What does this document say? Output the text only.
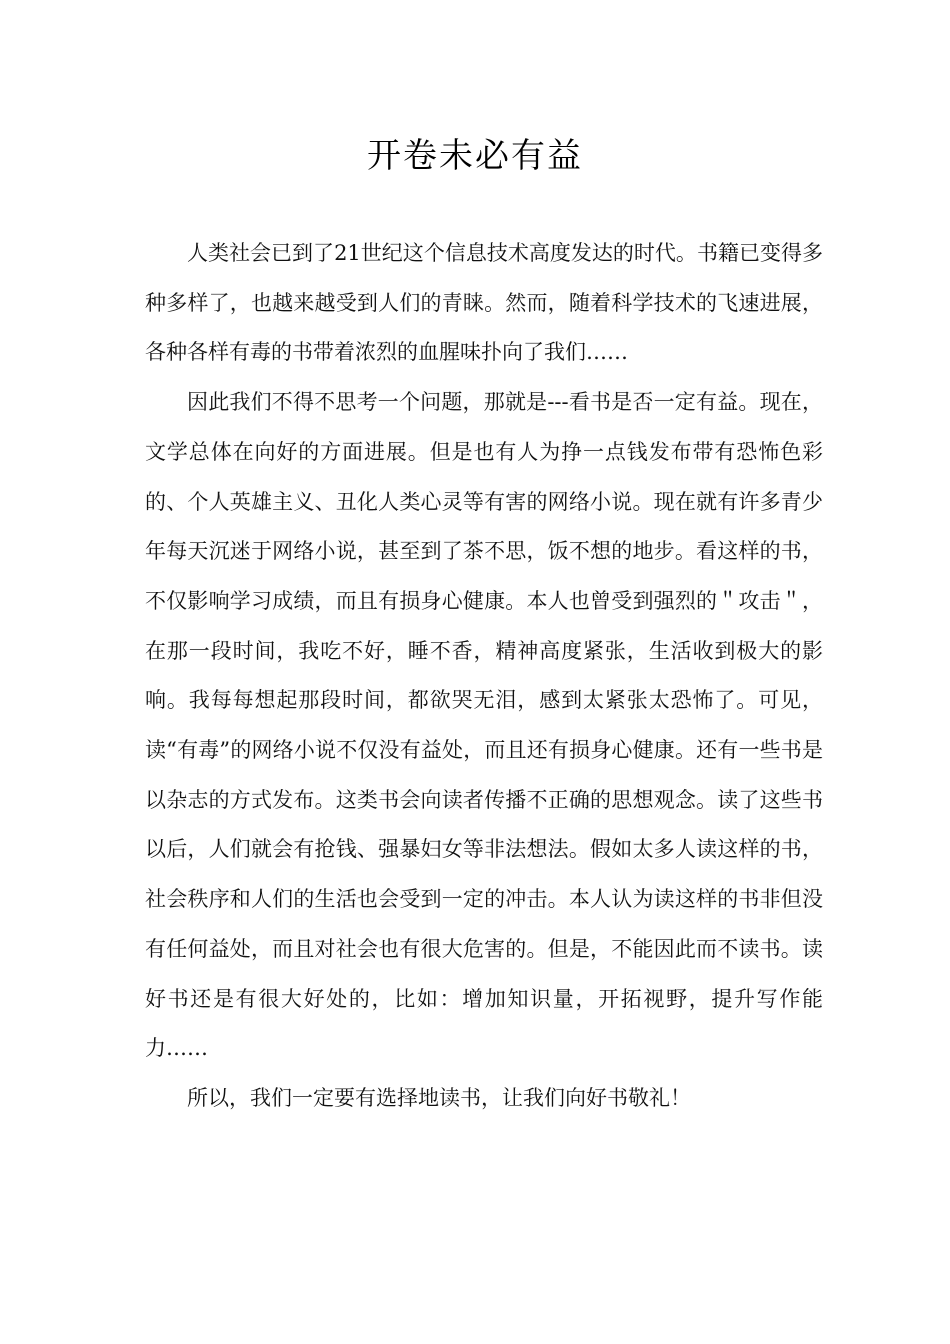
开卷未必有益

人类社会已到了21世纪这个信息技术高度发达的时代。书籍已变得多种多样了，也越来越受到人们的青睐。然而，随着科学技术的飞速进展，各种各样有毒的书带着浓烈的血腥味扑向了我们……

因此我们不得不思考一个问题，那就是---看书是否一定有益。现在，文学总体在向好的方面进展。但是也有人为挣一点钱发布带有恐怖色彩的、个人英雄主义、丑化人类心灵等有害的网络小说。现在就有许多青少年每天沉迷于网络小说，甚至到了茶不思，饭不想的地步。看这样的书，不仅影响学习成绩，而且有损身心健康。本人也曾受到强烈的＂攻击＂，在那一段时间，我吃不好，睡不香，精神高度紧张，生活收到极大的影响。我每每想起那段时间，都欲哭无泪，感到太紧张太恐怖了。可见，读“有毒”的网络小说不仅没有益处，而且还有损身心健康。还有一些书是以杂志的方式发布。这类书会向读者传播不正确的思想观念。读了这些书以后，人们就会有抢钱、强暴妇女等非法想法。假如太多人读这样的书，社会秩序和人们的生活也会受到一定的冲击。本人认为读这样的书非但没有任何益处，而且对社会也有很大危害的。但是，不能因此而不读书。读好书还是有很大好处的，比如：增加知识量，开拓视野，提升写作能力……

所以，我们一定要有选择地读书，让我们向好书敬礼！
